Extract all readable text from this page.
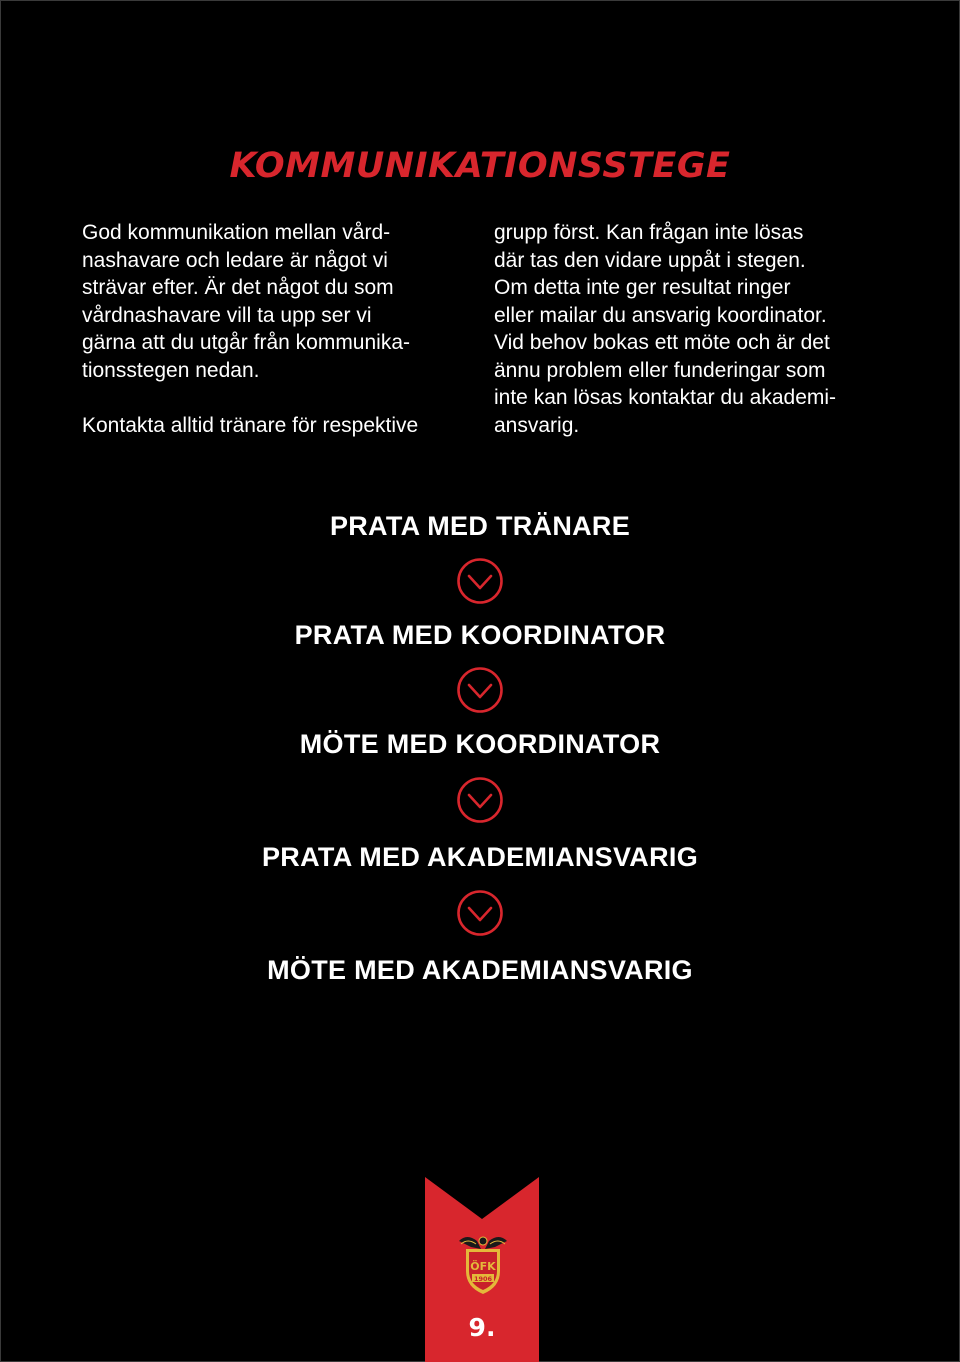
KOMMUNIKATIONSSTEGE
God kommunikation mellan vård-
nashavare och ledare är något vi
strävar efter. Är det något du som
vårdnashavare vill ta upp ser vi
gärna att du utgår från kommunika-
tionsstegen nedan.
Kontakta alltid tränare för respektive
grupp först. Kan frågan inte lösas
där tas den vidare uppåt i stegen.
Om detta inte ger resultat ringer
eller mailar du ansvarig koordinator.
Vid behov bokas ett möte och är det
ännu problem eller funderingar som
inte kan lösas kontaktar du akademi-
ansvarig.
PRATA MED TRÄNARE
PRATA MED KOORDINATOR
MÖTE MED KOORDINATOR
PRATA MED AKADEMIANSVARIG
MÖTE MED AKADEMIANSVARIG
ÖFK
1906
9.
